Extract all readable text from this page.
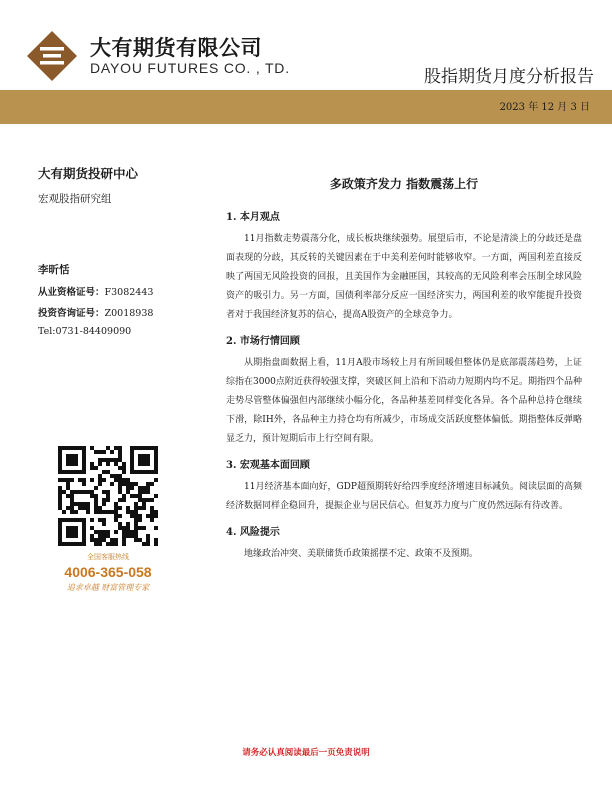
大有期货有限公司
DAYOU FUTURES CO. , TD.	股指期货月度分析报告
2023 年 12 月 3 日
大有期货投研中心
宏观股指研究组
李昕恬
从业资格证号：F3082443
投资咨询证号：Z0018938
Tel:0731-84409090
全国客服热线
4006-365-058
追求卓越 财富管理专家
多政策齐发力 指数震荡上行
1. 本月观点

11月指数走势震荡分化，成长板块继续强势。展望后市，不论是清淡上的分歧还是盘面表现的分歧，其反转的关键因素在于中美利差何时能够收窄。一方面，两国利差直接反映了两国无风险投资的回报，且美国作为金融匪国，其较高的无风险利率会压制全球风险资产的吸引力。另一方面，国债利率部分反应一国经济实力，两国利差的收窄能提升投资者对于我国经济复苏的信心，提高A股资产的全球竞争力。

2. 市场行情回顾

从期指盘面数据上看，11月A股市场较上月有所回暖但整体仍是底部震荡趋势，上证综指在3000点附近获得较强支撑，突破区间上沿和下沿动力短期内均不足。期指四个品种走势尽管整体偏强但内部继续小幅分化，各品种基差同样变化各异。各个品种总持仓继续下滑，除IH外，各品种主力持仓均有所减少，市场成交活跃度整体偏低。期指整体反弹略显乏力，预计短期后市上行空间有限。

3. 宏观基本面回顾

11月经济基本面向好，GDP超预期转好给四季度经济增速目标减负。阅读层面的高频经济数据同样企稳回升，提振企业与居民信心。但复苏力度与广度仍然远际有待改善。

4. 风险提示

地缘政治冲突、美联储货币政策摇摆不定、政策不及预期。

请务必认真阅读最后一页免责说明
